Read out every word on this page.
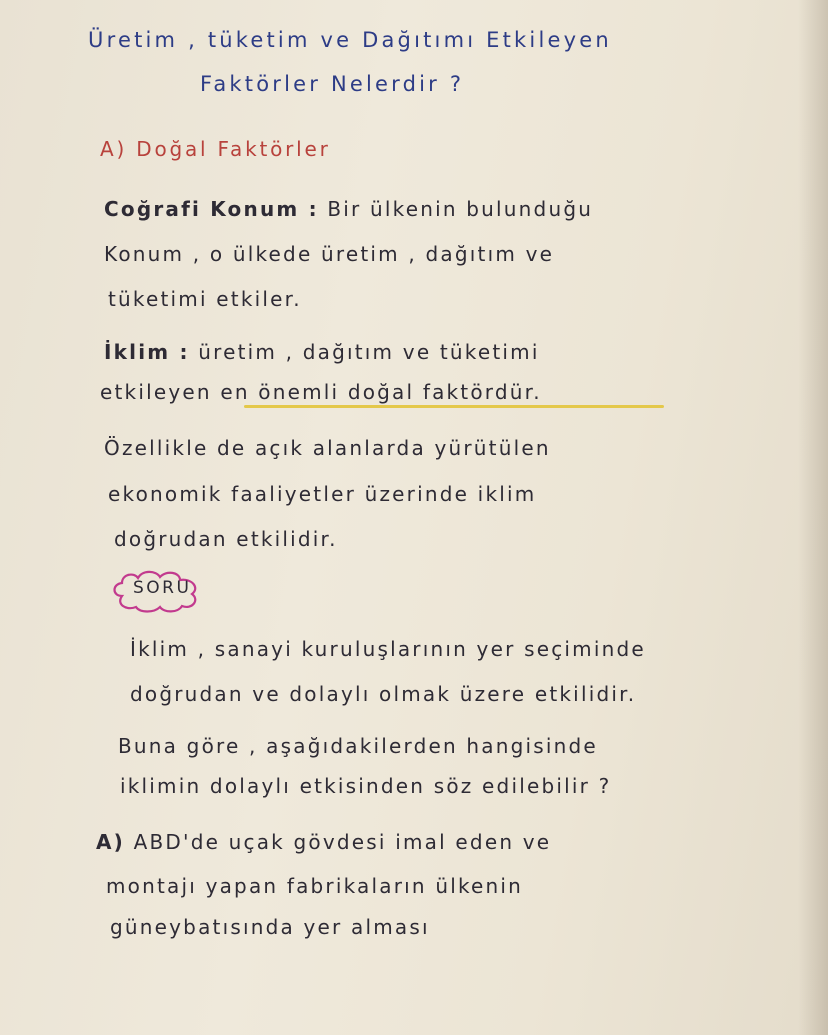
Üretim , tüketim ve Dağıtımı Etkileyen
Faktörler Nelerdir ?
A) Doğal Faktörler
Coğrafi Konum : Bir ülkenin bulunduğu
Konum , o ülkede üretim , dağıtım ve
tüketimi etkiler.
İklim : üretim , dağıtım ve tüketimi
etkileyen en önemli doğal faktördür.
Özellikle de açık alanlarda yürütülen
ekonomik faaliyetler üzerinde iklim
doğrudan etkilidir.
SORU
İklim , sanayi kuruluşlarının yer seçiminde
doğrudan ve dolaylı olmak üzere etkilidir.
Buna göre , aşağıdakilerden hangisinde
iklimin dolaylı etkisinden söz edilebilir ?
A) ABD'de uçak gövdesi imal eden ve
montajı yapan fabrikaların ülkenin
güneybatısında yer alması
